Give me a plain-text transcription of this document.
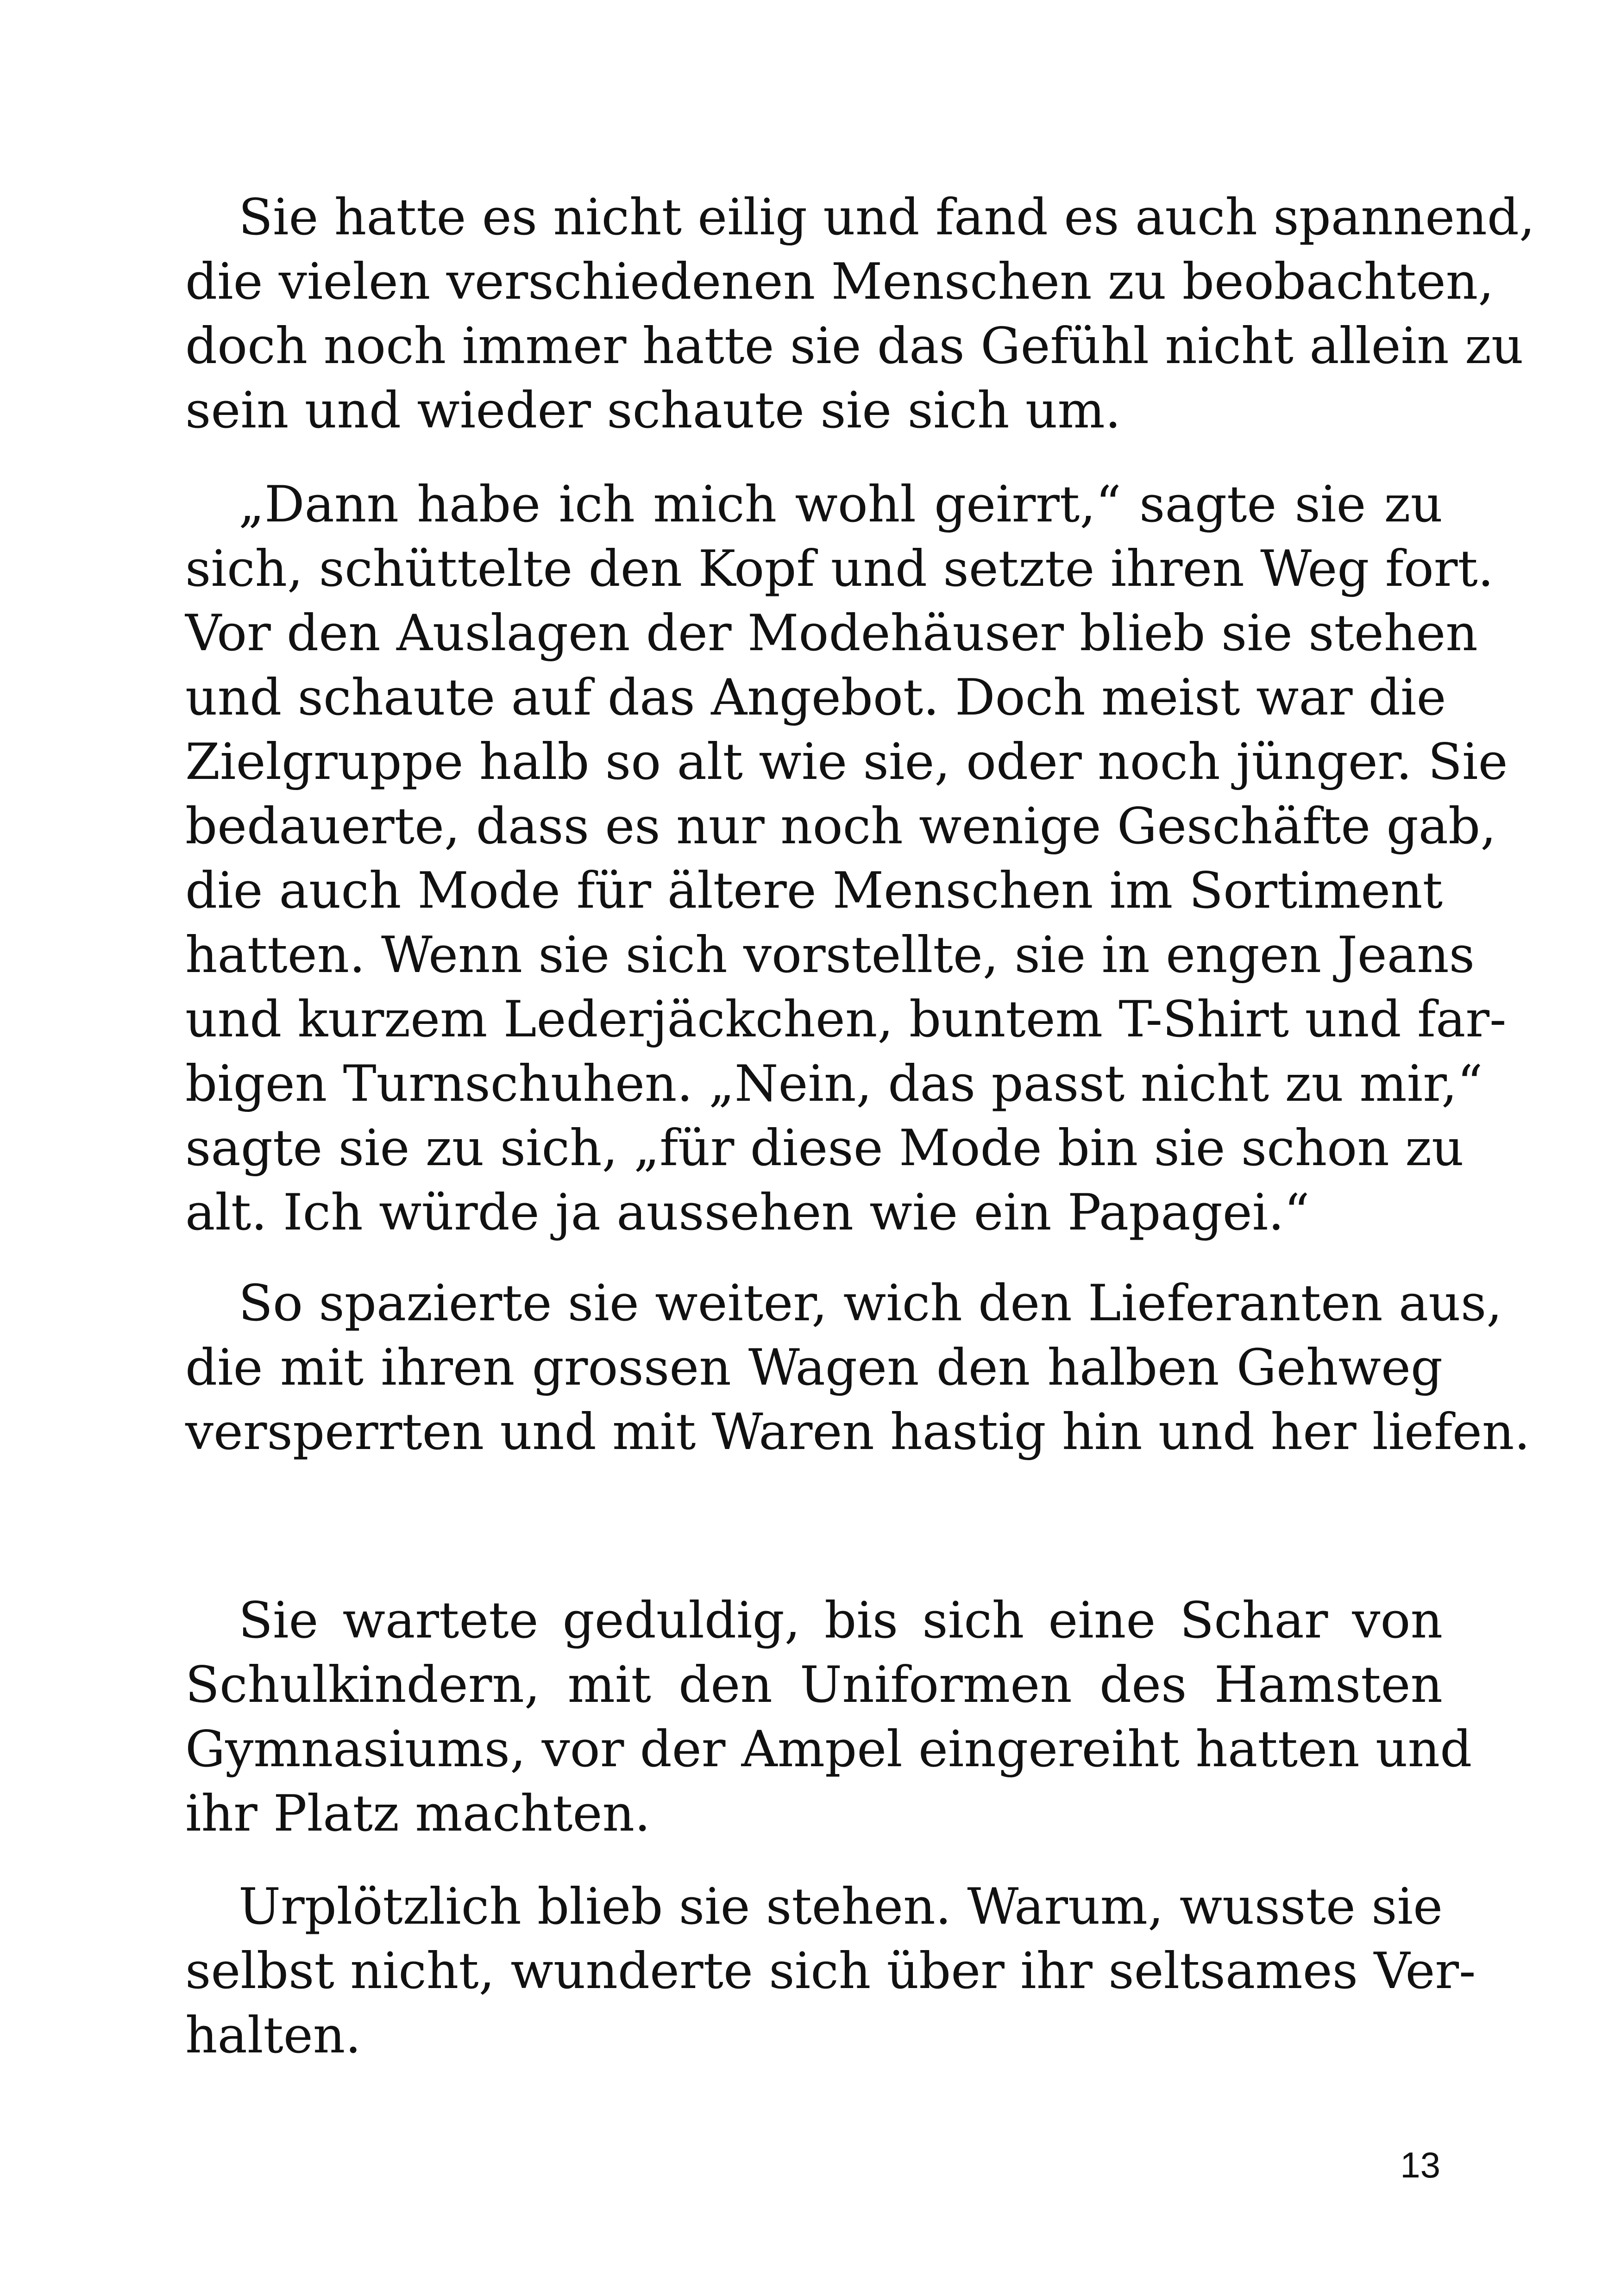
Sie hatte es nicht eilig und fand es auch spannend,
die vielen verschiedenen Menschen zu beobachten,
doch noch immer hatte sie das Gefühl nicht allein zu
sein und wieder schaute sie sich um.
„Dann habe ich mich wohl geirrt,“ sagte sie zu
sich, schüttelte den Kopf und setzte ihren Weg fort.
Vor den Auslagen der Modehäuser blieb sie stehen
und schaute auf das Angebot. Doch meist war die
Zielgruppe halb so alt wie sie, oder noch jünger. Sie
bedauerte, dass es nur noch wenige Geschäfte gab,
die auch Mode für ältere Menschen im Sortiment
hatten. Wenn sie sich vorstellte, sie in engen Jeans
und kurzem Lederjäckchen, buntem T-Shirt und far-
bigen Turnschuhen. „Nein, das passt nicht zu mir,“
sagte sie zu sich, „für diese Mode bin sie schon zu
alt. Ich würde ja aussehen wie ein Papagei.“
So spazierte sie weiter, wich den Lieferanten aus,
die mit ihren grossen Wagen den halben Gehweg
versperrten und mit Waren hastig hin und her liefen.
Sie wartete geduldig, bis sich eine Schar von
Schulkindern, mit den Uniformen des Hamsten
Gymnasiums, vor der Ampel eingereiht hatten und
ihr Platz machten.
Urplötzlich blieb sie stehen. Warum, wusste sie
selbst nicht, wunderte sich über ihr seltsames Ver-
halten.
13
